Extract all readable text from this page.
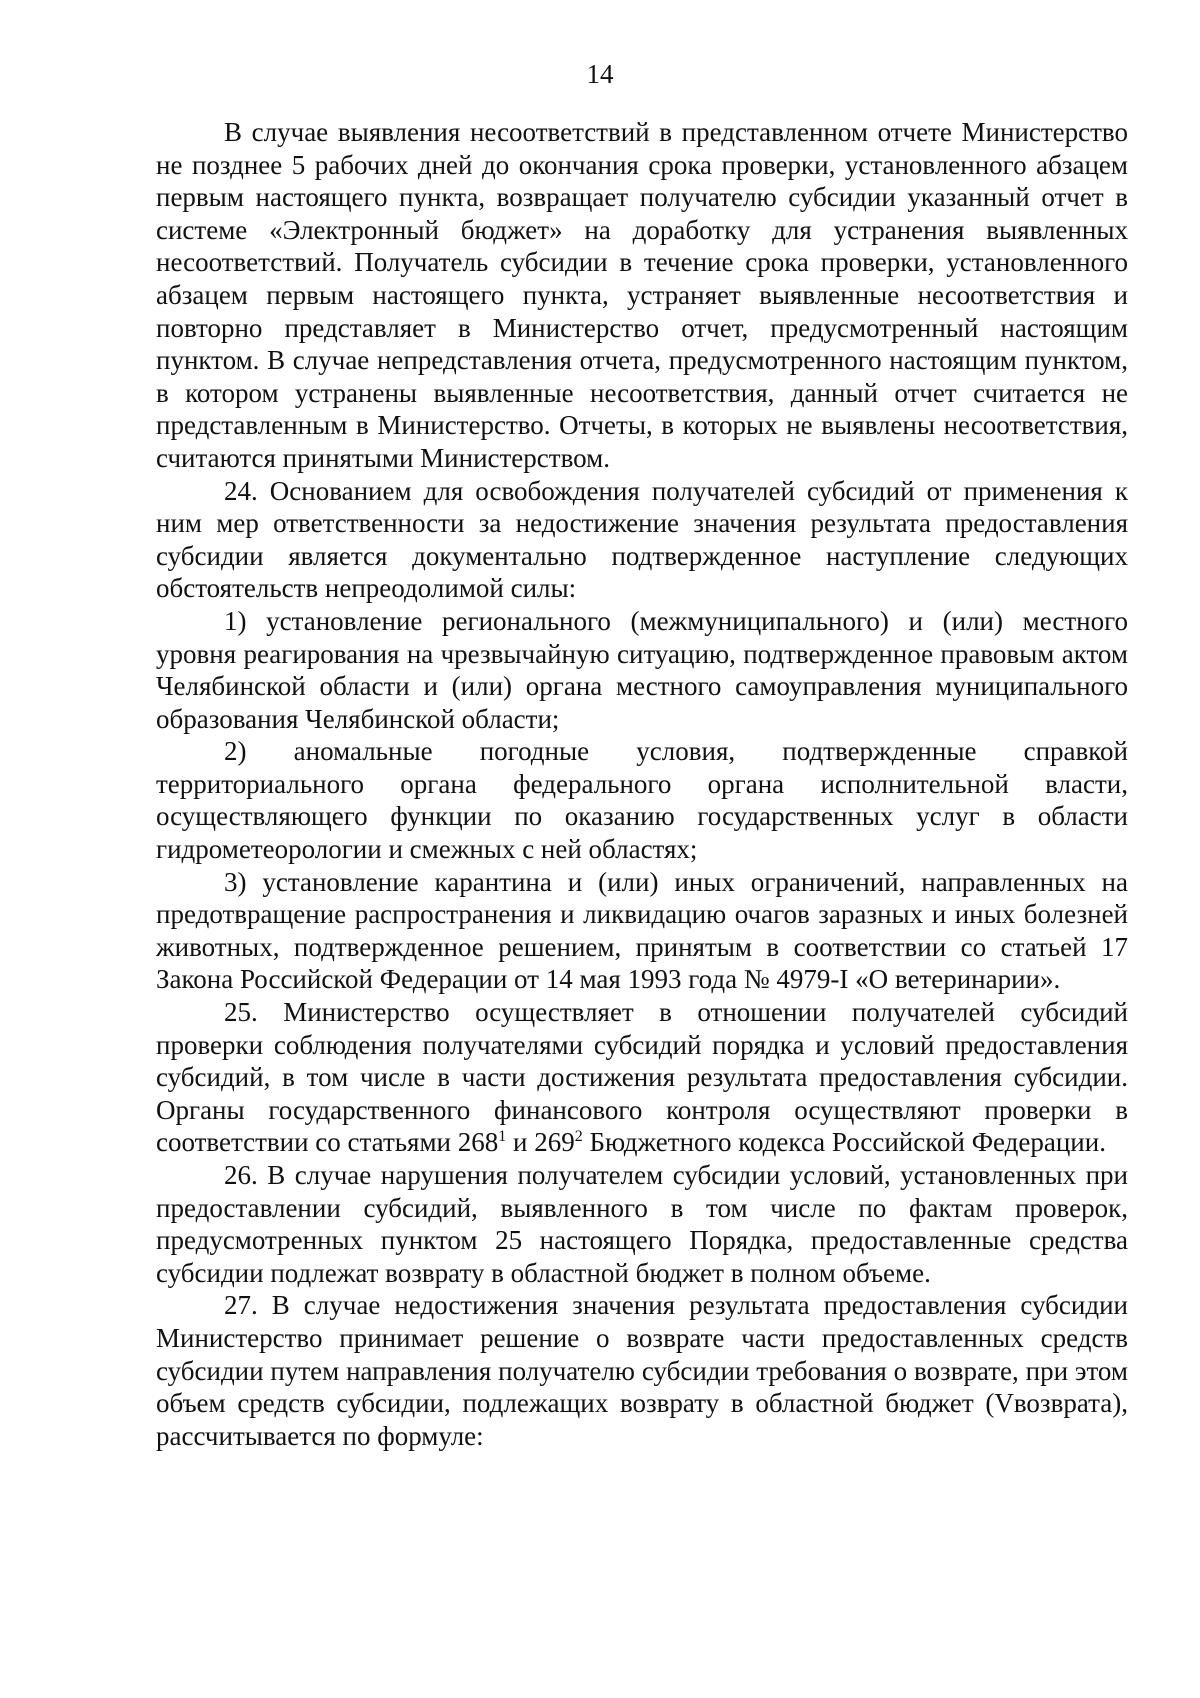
14

В случае выявления несоответствий в представленном отчете Министерство не позднее 5 рабочих дней до окончания срока проверки, установленного абзацем первым настоящего пункта, возвращает получателю субсидии указанный отчет в системе «Электронный бюджет» на доработку для устранения выявленных несоответствий. Получатель субсидии в течение срока проверки, установленного абзацем первым настоящего пункта, устраняет выявленные несоответствия и повторно представляет в Министерство отчет, предусмотренный настоящим пунктом. В случае непредставления отчета, предусмотренного настоящим пунктом, в котором устранены выявленные несоответствия, данный отчет считается не представленным в Министерство. Отчеты, в которых не выявлены несоответствия, считаются принятыми Министерством.

24. Основанием для освобождения получателей субсидий от применения к ним мер ответственности за недостижение значения результата предоставления субсидии является документально подтвержденное наступление следующих обстоятельств непреодолимой силы:

1) установление регионального (межмуниципального) и (или) местного уровня реагирования на чрезвычайную ситуацию, подтвержденное правовым актом Челябинской области и (или) органа местного самоуправления муниципального образования Челябинской области;

2) аномальные погодные условия, подтвержденные справкой территориального органа федерального органа исполнительной власти, осуществляющего функции по оказанию государственных услуг в области гидрометеорологии и смежных с ней областях;

3) установление карантина и (или) иных ограничений, направленных на предотвращение распространения и ликвидацию очагов заразных и иных болезней животных, подтвержденное решением, принятым в соответствии со статьей 17 Закона Российской Федерации от 14 мая 1993 года № 4979-I «О ветеринарии».

25. Министерство осуществляет в отношении получателей субсидий проверки соблюдения получателями субсидий порядка и условий предоставления субсидий, в том числе в части достижения результата предоставления субсидии. Органы государственного финансового контроля осуществляют проверки в соответствии со статьями $268^1$ и $269^2$ Бюджетного кодекса Российской Федерации.

26. В случае нарушения получателем субсидии условий, установленных при предоставлении субсидий, выявленного в том числе по фактам проверок, предусмотренных пунктом 25 настоящего Порядка, предоставленные средства субсидии подлежат возврату в областной бюджет в полном объеме.

27. В случае недостижения значения результата предоставления субсидии Министерство принимает решение о возврате части предоставленных средств субсидии путем направления получателю субсидии требования о возврате, при этом объем средств субсидии, подлежащих возврату в областной бюджет (Vвозврата), рассчитывается по формуле:
